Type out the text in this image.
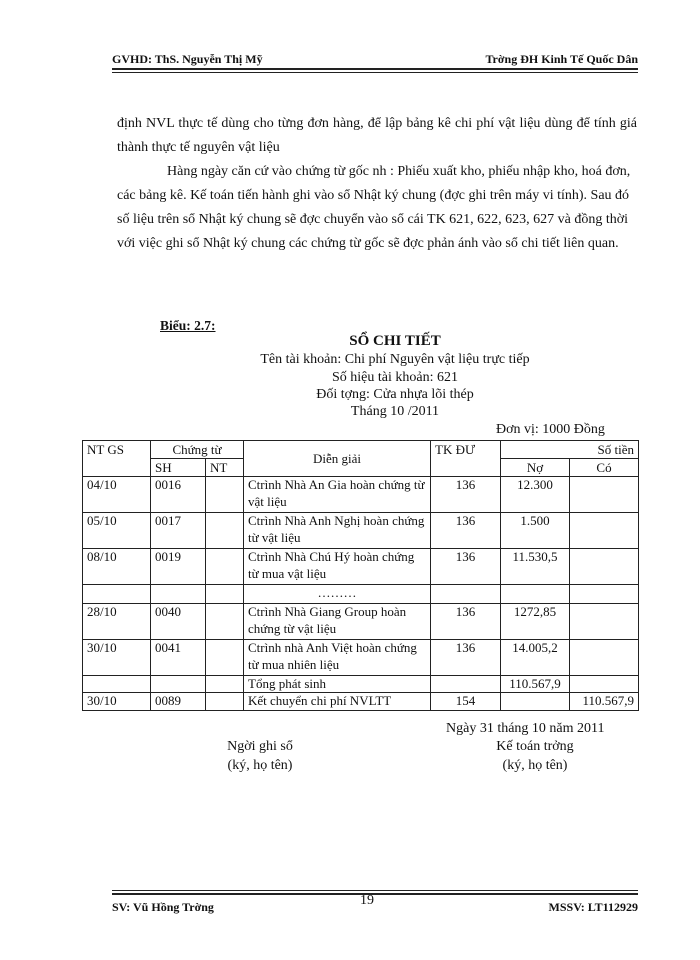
GVHD: ThS. Nguyễn Thị Mỹ	Trờng ĐH Kinh Tế Quốc Dân

định NVL thực tế dùng cho từng đơn hàng, để lập bảng kê chi phí vật liệu dùng để tính giá thành thực tế nguyên vật liệu

Hàng ngày căn cứ vào chứng từ gốc nh : Phiếu xuất kho, phiếu nhập kho, hoá đơn, các bảng kê. Kế toán tiến hành ghi vào sổ Nhật ký chung (đợc ghi trên máy vi tính). Sau đó số liệu trên sổ Nhật ký chung sẽ đợc chuyển vào sổ cái TK 621, 622, 623, 627 và đồng thời với việc ghi sổ Nhật ký chung các chứng từ gốc sẽ đợc phản ánh vào sổ chi tiết liên quan.

Biểu: 2.7:
SỔ CHI TIẾT
Tên tài khoản: Chi phí Nguyên vật liệu trực tiếp
Số hiệu tài khoản: 621
Đối tợng: Cửa nhựa lõi thép
Tháng 10 /2011
Đơn vị: 1000 Đồng
NT GS	Chứng từ		Diễn giải	TK ĐƯ	Số tiền	
	SH	NT			Nợ	Có
04/10	0016		Ctrình Nhà An Gia hoàn chứng từ vật liệu	136	12.300	
05/10	0017		Ctrình Nhà Anh Nghị hoàn chứng từ vật liệu	136	1.500	
08/10	0019		Ctrình Nhà Chú Hý hoàn chứng từ mua vật liệu	136	11.530,5	
			………			
28/10	0040		Ctrình Nhà Giang Group hoàn chứng từ vật liệu	136	1272,85	
30/10	0041		Ctrình nhà Anh Việt hoàn chứng từ mua nhiên liệu	136	14.005,2	
			Tổng phát sinh		110.567,9	
30/10	0089		Kết chuyển chi phí NVLTT	154		110.567,9
Ngày 31 tháng 10 năm 2011
Ngời ghi sổ
(ký, họ tên)
Kế toán trởng
(ký, họ tên)
19
SV: Vũ Hồng Trờng	MSSV: LT112929
